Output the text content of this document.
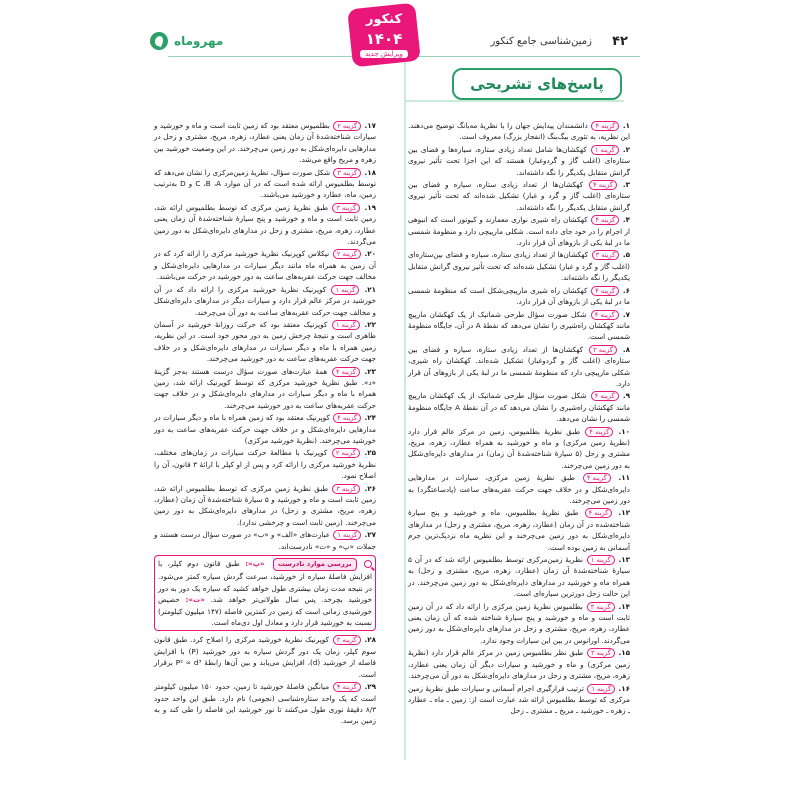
۴۲
زمین‌شناسی جامع کنکور
مهروماه
کنکور
۱۴۰۴
ویرایش جدید
پاسخ‌های تشریحی
۱. گزینه ۴ دانشمندان پیدایش جهان را با نظریهٔ مه‌بانگ توضیح می‌دهند. این نظریه، به تئوری بیگ‌بنگ (انفجار بزرگ) معروف است.
۲. گزینه ۱ کهکشان‌ها شامل تعداد زیادی ستاره، سیاره‌ها و فضای بین ستاره‌ای (اغلب گاز و گردوغبار) هستند که این اجزا تحت تأثیر نیروی گرانش متقابل یکدیگر را نگه داشته‌اند.
۳. گزینه ۴ کهکشان‌ها از تعداد زیادی ستاره، سیاره و فضای بین ستاره‌ای (اغلب گاز و گرد و غبار) تشکیل شده‌اند که تحت تأثیر نیروی گرانش متقابل یکدیگر را نگه داشته‌اند.
۴. گزینه ۴ کهکشان راه شیری نواری معمارند و کیوتور است که انبوهی از اجرام را در خود جای داده است. شکلی مارپیچی دارد و منظومهٔ شمسی ما در لبهٔ یکی از بازوهای آن قرار دارد.
۵. گزینه ۳ کهکشان‌ها از تعداد زیادی ستاره، سیاره و فضای بین‌ستاره‌ای (اغلب گاز و گرد و غبار) تشکیل شده‌اند که تحت تأثیر نیروی گرانش متقابل یکدیگر را نگه داشته‌اند.
۶. گزینه ۴ کهکشان راه شیری مارپیچی‌شکل است که منظومهٔ شمسی ما در لبهٔ یکی از بازوهای آن قرار دارد.
۷. گزینه ۴ شکل صورت سؤال طرحی شماتیک از یک کهکشان مارپیچ مانند کهکشان راه‌شیری را نشان می‌دهد که نقطهٔ A در آن، جایگاه منظومهٔ شمسی است.
۸. گزینه ۳ کهکشان‌ها از تعداد زیادی ستاره، سیاره و فضای بین ستاره‌ای (اغلب گاز و گردوغبار) تشکیل شده‌اند. کهکشان راه شیری، شکلی مارپیچی دارد که منظومهٔ شمسی ما در لبهٔ یکی از بازوهای آن قرار دارد.
۹. گزینه ۴ شکل صورت سؤال طرحی شماتیک از یک کهکشان مارپیچ مانند کهکشان راه‌شیری را نشان می‌دهد که در آن نقطهٔ A جایگاه منظومهٔ شمسی را نشان می‌دهد.
۱۰. گزینه ۴ طبق نظریهٔ بطلمیوس، زمین در مرکز عالم قرار دارد (نظریهٔ زمین مرکزی) و ماه و خورشید به همراه عطارد، زهره، مریخ، مشتری و زحل (۵ سیارهٔ شناخته‌شدهٔ آن زمان) در مدارهای دایره‌ای‌شکل به دور زمین می‌چرخند.
۱۱. گزینه ۴ طبق نظریهٔ زمین مرکزی، سیارات در مدارهایی دایره‌ای‌شکل و در خلاف جهت حرکت عقربه‌های ساعت (پادساعتگرد) به دور زمین می‌چرخند.
۱۲. گزینه ۴ طبق نظریهٔ بطلمیوس، ماه و خورشید و پنج سیارهٔ شناخته‌شده در آن زمان (عطارد، زهره، مریخ، مشتری و زحل) در مدارهای دایره‌ای‌شکل به دور زمین می‌چرخند و این نظریه ماه نزدیک‌ترین جرم آسمانی به زمین بوده است.
۱۳. گزینه ۱ نظریهٔ زمین‌مرکزی توسط بطلمیوس ارائه شد که در آن ۵ سیارهٔ شناخته‌شدهٔ آن زمان (عطارد، زهره، مریخ، مشتری و زحل) به همراه ماه و خورشید در مدارهای دایره‌ای‌شکل به دور زمین می‌چرخند. در این حالت زحل دورترین سیاره‌ای است.
۱۴. گزینه ۳ بطلمیوس نظریهٔ زمین مرکزی را ارائه داد که در آن زمین ثابت است و ماه و خورشید و پنج سیارهٔ شناخته شده که آن زمان یعنی عطارد، زهره، مریخ، مشتری و زحل در مدارهای دایره‌ای‌شکل به دور زمین می‌گردند. اورانوس در بین این سیارات وجود ندارد.
۱۵. گزینه ۳ طبق نظر بطلمیوس زمین در مرکز عالم قرار دارد (نظریهٔ زمین مرکزی) و ماه و خورشید و سیارات دیگر آن زمان یعنی عطارد، زهره، مریخ، مشتری و زحل در مدارهای دایره‌ای‌شکل به دور آن می‌چرخند.
۱۶. گزینه ۱ ترتیب قرارگیری اجرام آسمانی و سیارات طبق نظریهٔ زمین مرکزی که توسط بطلمیوس ارائه شد عبارت است از: زمین ـ ماه ـ عطارد ـ زهره ـ خورشید ـ مریخ ـ مشتری ـ زحل
۱۷. گزینه ۲ بطلمیوس معتقد بود که زمین ثابت است و ماه و خورشید و سیارات شناخته‌شدهٔ آن زمان یعنی عطارد، زهره، مریخ، مشتری و زحل در مدارهایی دایره‌ای‌شکل به دور زمین می‌چرخند. در این وضعیت خورشید بین زهره و مریخ واقع می‌شد.
۱۸. گزینه ۳ شکل صورت سؤال، نظریهٔ زمین‌مرکزی را نشان می‌دهد که توسط بطلمیوس ارائه شده است که در آن موارد C ،B ،A و D به‌ترتیب زمین، ماه، عطارد و خورشید می‌باشند.
۱۹. گزینه ۳ طبق نظریهٔ زمین مرکزی که توسط بطلمیوس ارائه شد، زمین ثابت است و ماه و خورشید و پنج سیارهٔ شناخته‌شدهٔ آن زمان یعنی عطارد، زهره، مریخ، مشتری و زحل در مدارهای دایره‌ای‌شکل به دور زمین می‌گردند.
۲۰. گزینه ۲ نیکلاس کوپرنیک نظریهٔ خورشید مرکزی را ارائه کرد که در آن زمین به همراه ماه مانند دیگر سیارات در مدارهایی دایره‌ای‌شکل و مخالف جهت حرکت عقربه‌های ساعت به دور خورشید در حرکت می‌باشند.
۲۱. گزینه ۱ کوپرنیک نظریهٔ خورشید مرکزی را ارائه داد که در آن خورشید در مرکز عالم قرار دارد و سیارات دیگر در مدارهای دایره‌ای‌شکل و مخالف جهت حرکت عقربه‌های ساعت به دور آن می‌چرخند.
۲۲. گزینه ۱ کوپرنیک معتقد بود که حرکت روزانهٔ خورشید در آسمان ظاهری است و نتیجهٔ چرخش زمین به دور محور خود است. در این نظریه، زمین همراه با ماه و دیگر سیارات در مدارهای دایره‌ای‌شکل و در خلاف جهت حرکت عقربه‌های ساعت به دور خورشید می‌چرخند.
۲۳. گزینه ۴ همهٔ عبارت‌های صورت سؤال درست هستند به‌جز گزینهٔ «د». طبق نظریهٔ خورشید مرکزی که توسط کوپرنیک ارائه شد، زمین همراه با ماه و دیگر سیارات در مدارهای دایره‌ای‌شکل و در خلاف جهت حرکت عقربه‌های ساعت به دور خورشید می‌چرخند.
۲۴. گزینه ۴ کوپرنیک معتقد بود که زمین همراه با ماه و دیگر سیارات در مدارهایی دایره‌ای‌شکل و در خلاف جهت حرکت عقربه‌های ساعت به دور خورشید می‌چرخند. (نظریهٔ خورشید مرکزی)
۲۵. گزینه ۲ کوپرنیک با مطالعهٔ حرکت سیارات در زمان‌های مختلف، نظریهٔ خورشید مرکزی را ارائه کرد و پس از او کپلر با ارائهٔ ۳ قانون، آن را اصلاح نمود.
۲۶. گزینه ۳ طبق نظریهٔ زمین مرکزی که توسط بطلمیوس ارائه شد، زمین ثابت است و ماه و خورشید و ۵ سیارهٔ شناخته‌شدهٔ آن زمان (عطارد، زهره، مریخ، مشتری و زحل) در مدارهای دایره‌ای‌شکل به دور زمین می‌چرخند. (زمین ثابت است و چرخشی ندارد).
۲۷. گزینه ۱ عبارت‌های «الف» و «ب» در صورت سؤال درست هستند و جملات «پ» و «ت» نادرست‌اند.
بررسی موارد نادرست «پ»: طبق قانون دوم کپلر، با افزایش فاصلهٔ سیاره از خورشید، سرعت گردش سیاره کمتر می‌شود. در نتیجه مدت زمان بیشتری طول خواهد کشید که سیاره یک دور به دور خورشید بچرخد. پس سال طولانی‌تر خواهد شد. «ت»: حضیض خورشیدی زمانی است که زمین در کمترین فاصله (۱۴۷ میلیون کیلومتر) نسبت به خورشید قرار دارد و معادل اول دی‌ماه است.
۲۸. گزینه ۳ کوپرنیک نظریهٔ خورشید مرکزی را اصلاح کرد. طبق قانون سوم کپلر، زمان یک دور گردش سیاره به دور خورشید (P) با افزایش فاصله از خورشید (d)، افزایش می‌یابد و بین آن‌ها رابطهٔ P² ∝ d³ برقرار است.
۲۹. گزینه ۴ میانگین فاصلهٔ خورشید تا زمین، حدود ۱۵۰ میلیون کیلومتر است که یک واحد ستاره‌شناسی (نجومی) نام دارد. طبق این واحد حدود ۸/۳ دقیقهٔ نوری طول می‌کشد تا نور خورشید این فاصله را طی کند و به زمین برسد.
